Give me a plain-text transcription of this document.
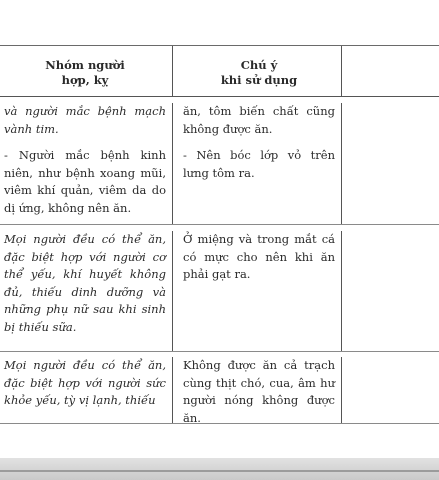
Nhóm người
hợp, kỵ
Chú ý
khi sử dụng
và người mắc bệnh mạch vành tim.
- Người mắc bệnh kinh niên, như bệnh xoang mũi, viêm khí quản, viêm da do dị ứng, không nên ăn.
ăn, tôm biến chất cũng không được ăn.
- Nên bóc lớp vỏ trên lưng tôm ra.
Mọi người đều có thể ăn, đặc biệt hợp với người cơ thể yếu, khí huyết không đủ, thiếu dinh dưỡng và những phụ nữ sau khi sinh bị thiếu sữa.
Ở miệng và trong mắt cá có mực cho nên khi ăn phải gạt ra.
Mọi người đều có thể ăn, đặc biệt hợp với người sức khỏe yếu, tỳ vị lạnh, thiếu
Không được ăn cả trạch cùng thịt chó, cua, âm hư người nóng không được ăn.
